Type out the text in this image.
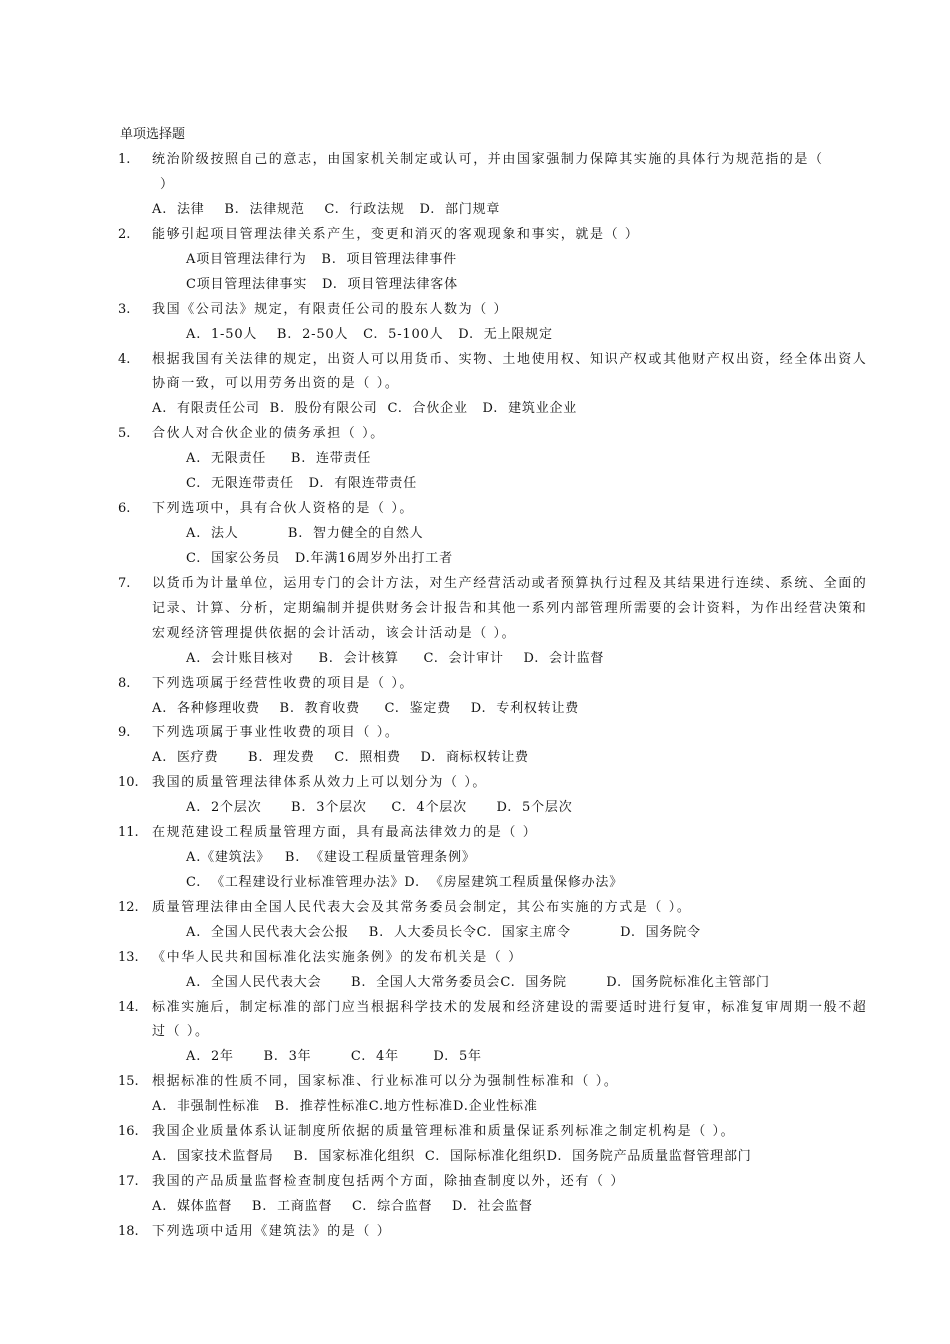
单项选择题
1. 统治阶级按照自己的意志，由国家机关制定或认可，并由国家强制力保障其实施的具体行为规范指的是（
）
A.  法律    B.  法律规范    C.  行政法规   D.  部门规章
2. 能够引起项目管理法律关系产生，变更和消灭的客观现象和事实，就是（ ）
A项目管理法律行为   B.  项目管理法律事件
C项目管理法律事实   D.  项目管理法律客体
3. 我国《公司法》规定，有限责任公司的股东人数为（ ）
A.  1-50人    B.  2-50人   C.  5-100人   D.  无上限规定
4. 根据我国有关法律的规定，出资人可以用货币、实物、土地使用权、知识产权或其他财产权出资，经全体出资人
协商一致，可以用劳务出资的是（ ）。
A.  有限责任公司  B.  股份有限公司  C.  合伙企业   D.  建筑业企业
5. 合伙人对合伙企业的债务承担（ ）。
A.  无限责任     B.  连带责任
C.  无限连带责任   D.  有限连带责任
6. 下列选项中，具有合伙人资格的是（ ）。
A.  法人          B.  智力健全的自然人
C.  国家公务员   D.年满16周岁外出打工者
7. 以货币为计量单位，运用专门的会计方法，对生产经营活动或者预算执行过程及其结果进行连续、系统、全面的
记录、计算、分析，定期编制并提供财务会计报告和其他一系列内部管理所需要的会计资料，为作出经营决策和
宏观经济管理提供依据的会计活动，该会计活动是（ ）。
A.  会计账目核对     B.  会计核算     C.  会计审计    D.  会计监督
8. 下列选项属于经营性收费的项目是（ ）。
A.  各种修理收费    B.  教育收费     C.  鉴定费    D.  专利权转让费
9. 下列选项属于事业性收费的项目（ ）。
A.  医疗费      B.  理发费    C.  照相费    D.  商标权转让费
10. 我国的质量管理法律体系从效力上可以划分为（ ）。
A.  2个层次      B.  3个层次     C.  4个层次      D.  5个层次
11. 在规范建设工程质量管理方面，具有最高法律效力的是（ ）
A.《建筑法》   B.  《建设工程质量管理条例》
C.  《工程建设行业标准管理办法》D.  《房屋建筑工程质量保修办法》
12. 质量管理法律由全国人民代表大会及其常务委员会制定，其公布实施的方式是（ ）。
A.  全国人民代表大会公报    B.  人大委员长令C.  国家主席令          D.  国务院令
13. 《中华人民共和国标准化法实施条例》的发布机关是（ ）
A.  全国人民代表大会      B.  全国人大常务委员会C.  国务院        D.  国务院标准化主管部门
14. 标准实施后，制定标准的部门应当根据科学技术的发展和经济建设的需要适时进行复审，标准复审周期一般不超
过（ ）。
A.  2年      B.  3年        C.  4年       D.  5年
15. 根据标准的性质不同，国家标准、行业标准可以分为强制性标准和（ ）。
A.  非强制性标准   B.  推荐性标准C.地方性标准D.企业性标准
16. 我国企业质量体系认证制度所依据的质量管理标准和质量保证系列标准之制定机构是（ ）。
A.  国家技术监督局    B.  国家标准化组织  C.  国际标准化组织D.  国务院产品质量监督管理部门
17. 我国的产品质量监督检查制度包括两个方面，除抽查制度以外，还有（ ）
A.  媒体监督    B.  工商监督    C.  综合监督    D.  社会监督
18. 下列选项中适用《建筑法》的是（ ）
